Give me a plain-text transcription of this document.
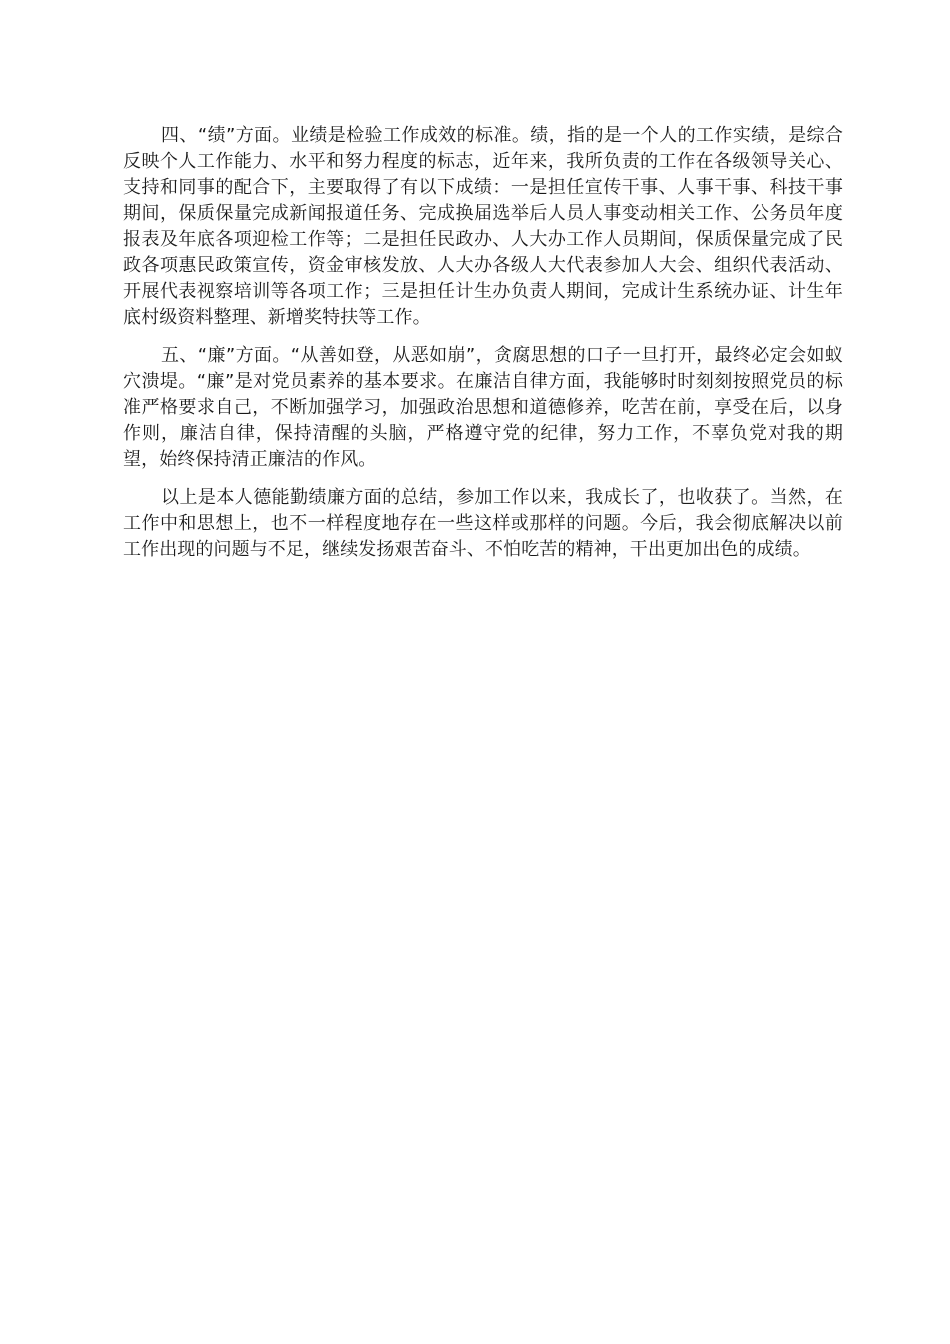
四、“绩”方面。业绩是检验工作成效的标准。绩，指的是一个人的工作实绩，是综合反映个人工作能力、水平和努力程度的标志，近年来，我所负责的工作在各级领导关心、支持和同事的配合下，主要取得了有以下成绩：一是担任宣传干事、人事干事、科技干事期间，保质保量完成新闻报道任务、完成换届选举后人员人事变动相关工作、公务员年度报表及年底各项迎检工作等；二是担任民政办、人大办工作人员期间，保质保量完成了民政各项惠民政策宣传，资金审核发放、人大办各级人大代表参加人大会、组织代表活动、开展代表视察培训等各项工作；三是担任计生办负责人期间，完成计生系统办证、计生年底村级资料整理、新增奖特扶等工作。

五、“廉”方面。“从善如登，从恶如崩”，贪腐思想的口子一旦打开，最终必定会如蚁穴溃堤。“廉”是对党员素养的基本要求。在廉洁自律方面，我能够时时刻刻按照党员的标准严格要求自己，不断加强学习，加强政治思想和道德修养，吃苦在前，享受在后，以身作则，廉洁自律，保持清醒的头脑，严格遵守党的纪律，努力工作，不辜负党对我的期望，始终保持清正廉洁的作风。

以上是本人德能勤绩廉方面的总结，参加工作以来，我成长了，也收获了。当然，在工作中和思想上，也不一样程度地存在一些这样或那样的问题。今后，我会彻底解决以前工作出现的问题与不足，继续发扬艰苦奋斗、不怕吃苦的精神，干出更加出色的成绩。
